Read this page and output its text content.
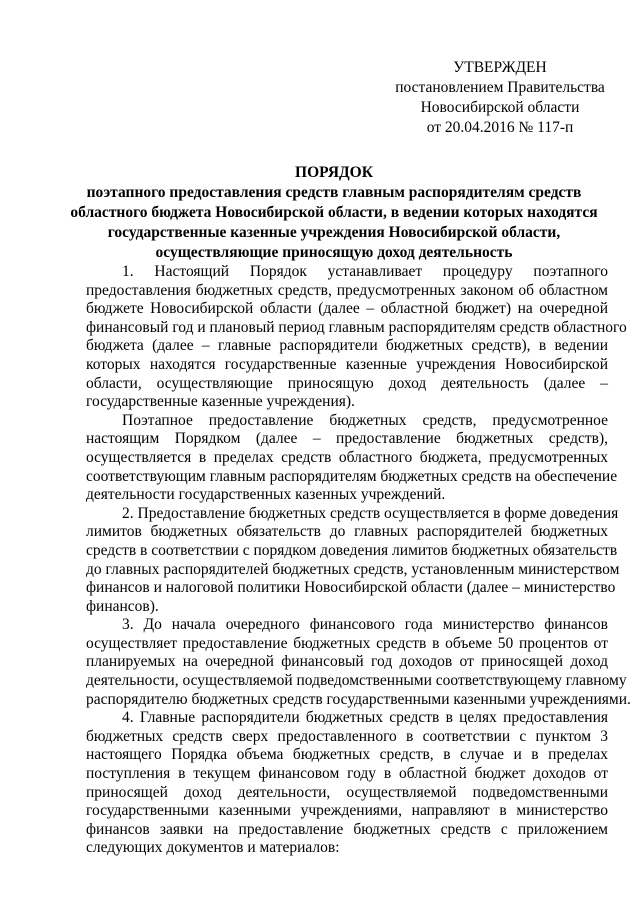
УТВЕРЖДЕН
постановлением Правительства
Новосибирской области
от 20.04.2016 № 117-п
ПОРЯДОК
поэтапного предоставления средств главным распорядителям средств
областного бюджета Новосибирской области, в ведении которых находятся
государственные казенные учреждения Новосибирской области,
осуществляющие приносящую доход деятельность
1. Настоящий Порядок устанавливает процедуру поэтапного
предоставления бюджетных средств, предусмотренных законом об областном
бюджете Новосибирской области (далее – областной бюджет) на очередной
финансовый год и плановый период главным распорядителям средств областного
бюджета (далее – главные распорядители бюджетных средств), в ведении
которых находятся государственные казенные учреждения Новосибирской
области, осуществляющие приносящую доход деятельность (далее –
государственные казенные учреждения).
Поэтапное предоставление бюджетных средств, предусмотренное
настоящим Порядком (далее – предоставление бюджетных средств),
осуществляется в пределах средств областного бюджета, предусмотренных
соответствующим главным распорядителям бюджетных средств на обеспечение
деятельности государственных казенных учреждений.
2. Предоставление бюджетных средств осуществляется в форме доведения
лимитов бюджетных обязательств до главных распорядителей бюджетных
средств в соответствии с порядком доведения лимитов бюджетных обязательств
до главных распорядителей бюджетных средств, установленным министерством
финансов и налоговой политики Новосибирской области (далее – министерство
финансов).
3. До начала очередного финансового года министерство финансов
осуществляет предоставление бюджетных средств в объеме 50 процентов от
планируемых на очередной финансовый год доходов от приносящей доход
деятельности, осуществляемой подведомственными соответствующему главному
распорядителю бюджетных средств государственными казенными учреждениями.
4. Главные распорядители бюджетных средств в целях предоставления
бюджетных средств сверх предоставленного в соответствии с пунктом 3
настоящего Порядка объема бюджетных средств, в случае и в пределах
поступления в текущем финансовом году в областной бюджет доходов от
приносящей доход деятельности, осуществляемой подведомственными
государственными казенными учреждениями, направляют в министерство
финансов заявки на предоставление бюджетных средств с приложением
следующих документов и материалов:
